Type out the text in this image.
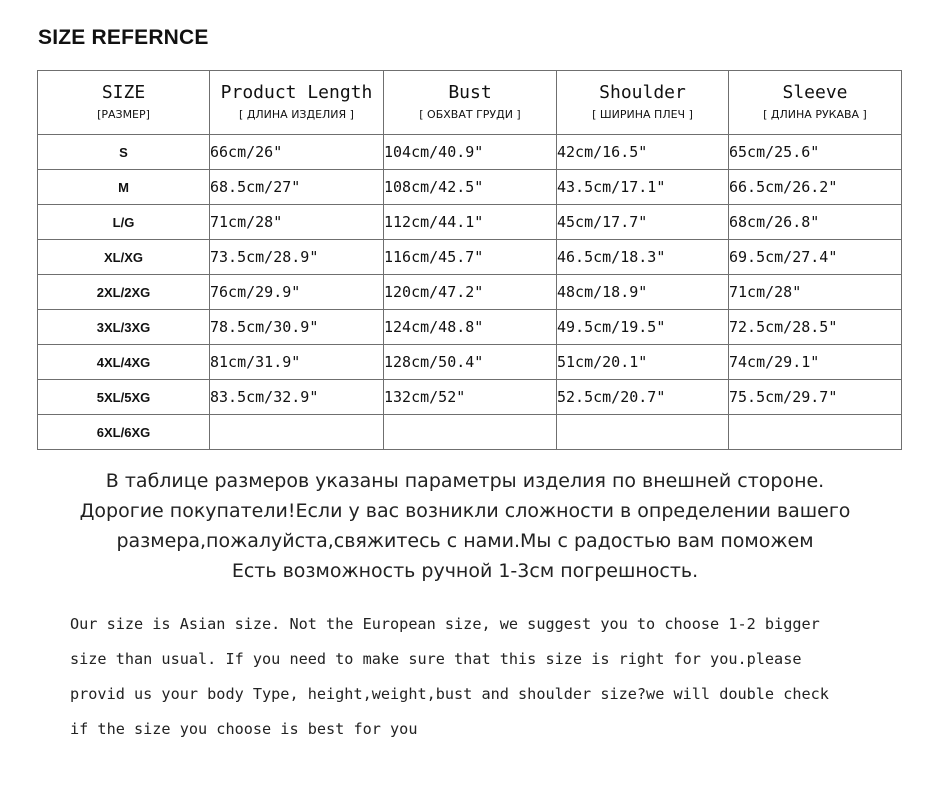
SIZE REFERNCE
SIZE
[РАЗМЕР]	Product Length
[ ДЛИНА ИЗДЕЛИЯ ]	Bust
[ ОБХВАТ ГРУДИ ]	Shoulder
[ ШИРИНА ПЛЕЧ ]	Sleeve
[ ДЛИНА РУКАВА ]

S	66cm/26"	104cm/40.9"	42cm/16.5"	65cm/25.6"
M	68.5cm/27"	108cm/42.5"	43.5cm/17.1"	66.5cm/26.2"
L/G	71cm/28"	112cm/44.1"	45cm/17.7"	68cm/26.8"
XL/XG	73.5cm/28.9"	116cm/45.7"	46.5cm/18.3"	69.5cm/27.4"
2XL/2XG	76cm/29.9"	120cm/47.2"	48cm/18.9"	71cm/28"
3XL/3XG	78.5cm/30.9"	124cm/48.8"	49.5cm/19.5"	72.5cm/28.5"
4XL/4XG	81cm/31.9"	128cm/50.4"	51cm/20.1"	74cm/29.1"
5XL/5XG	83.5cm/32.9"	132cm/52"	52.5cm/20.7"	75.5cm/29.7"
6XL/6XG				
В таблице размеров указаны параметры изделия по внешней стороне.
Дорогие покупатели!Если у вас возникли сложности в определении вашего
размера,пожалуйста,свяжитесь с нами.Мы с радостью вам поможем
Есть возможность ручной 1-3см погрешность.
Our size is Asian size. Not the European size, we suggest you to choose 1-2 bigger
size than usual. If you need to make sure that this size is right for you.please
provid us your body Type, height,weight,bust and shoulder size?we will double check
if the size you choose is best for you
